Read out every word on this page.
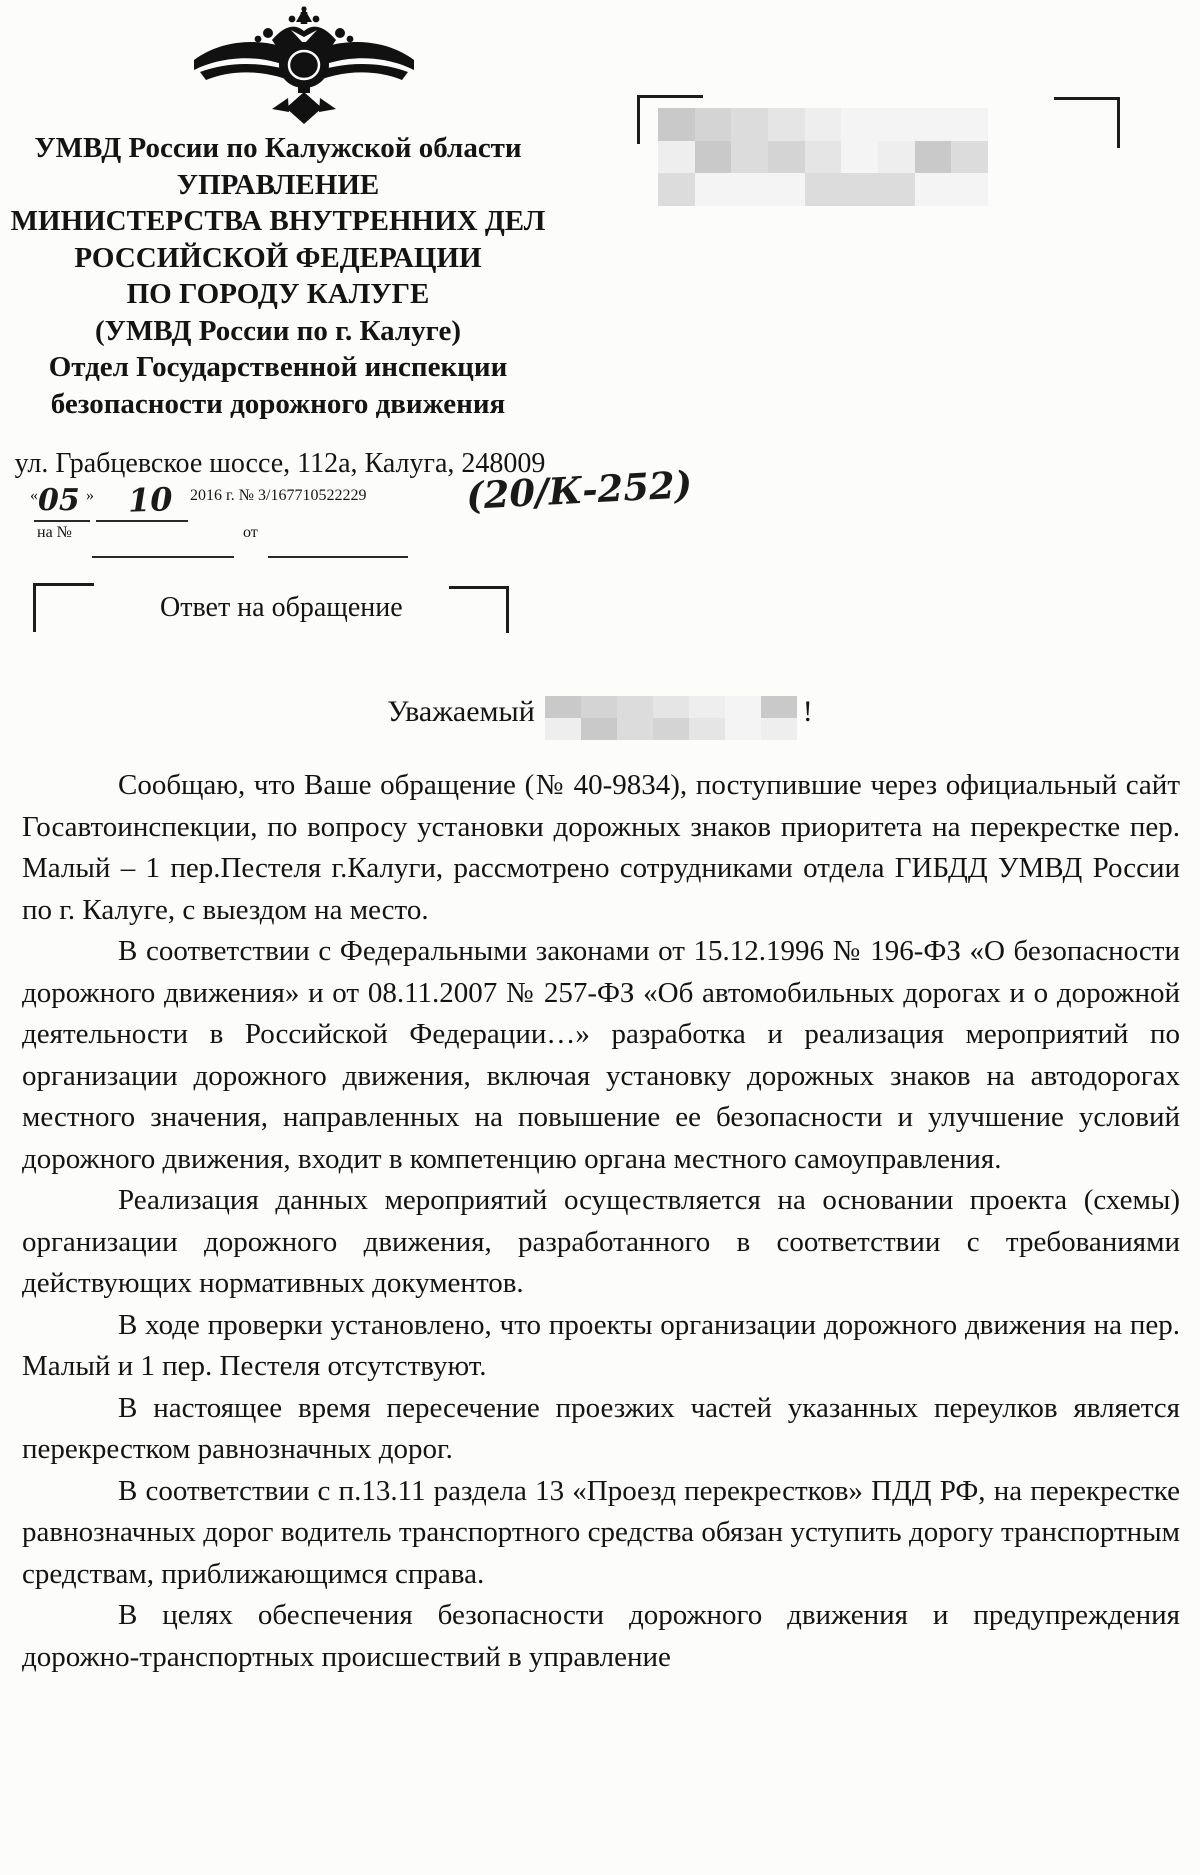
УМВД России по Калужской области
УПРАВЛЕНИЕ
МИНИСТЕРСТВА ВНУТРЕННИХ ДЕЛ
РОССИЙСКОЙ ФЕДЕРАЦИИ
ПО ГОРОДУ КАЛУГЕ
(УМВД России по г. Калуге)
Отдел Государственной инспекции
безопасности дорожного движения
ул. Грабцевское шоссе, 112а, Калуга, 248009
« 05 » 10 2016 г. № 3/167710522229	(20/К-252)
на №	от
Ответ на обращение
Уважаемый	!

Сообщаю, что Ваше обращение (№ 40-9834), поступившие через официальный сайт Госавтоинспекции, по вопросу установки дорожных знаков приоритета на перекрестке пер. Малый – 1 пер.Пестеля г.Калуги, рассмотрено сотрудниками отдела ГИБДД УМВД России по г. Калуге, с выездом на место.

В соответствии с Федеральными законами от 15.12.1996 № 196-ФЗ «О безопасности дорожного движения» и от 08.11.2007 № 257-ФЗ «Об автомобильных дорогах и о дорожной деятельности в Российской Федерации…» разработка и реализация мероприятий по организации дорожного движения, включая установку дорожных знаков на автодорогах местного значения, направленных на повышение ее безопасности и улучшение условий дорожного движения, входит в компетенцию органа местного самоуправления.

Реализация данных мероприятий осуществляется на основании проекта (схемы) организации дорожного движения, разработанного в соответствии с требованиями действующих нормативных документов.

В ходе проверки установлено, что проекты организации дорожного движения на пер. Малый и 1 пер. Пестеля отсутствуют.

В настоящее время пересечение проезжих частей указанных переулков является перекрестком равнозначных дорог.

В соответствии с п.13.11 раздела 13 «Проезд перекрестков» ПДД РФ, на перекрестке равнозначных дорог водитель транспортного средства обязан уступить дорогу транспортным средствам, приближающимся справа.

В целях обеспечения безопасности дорожного движения и предупреждения дорожно-транспортных происшествий в управление
